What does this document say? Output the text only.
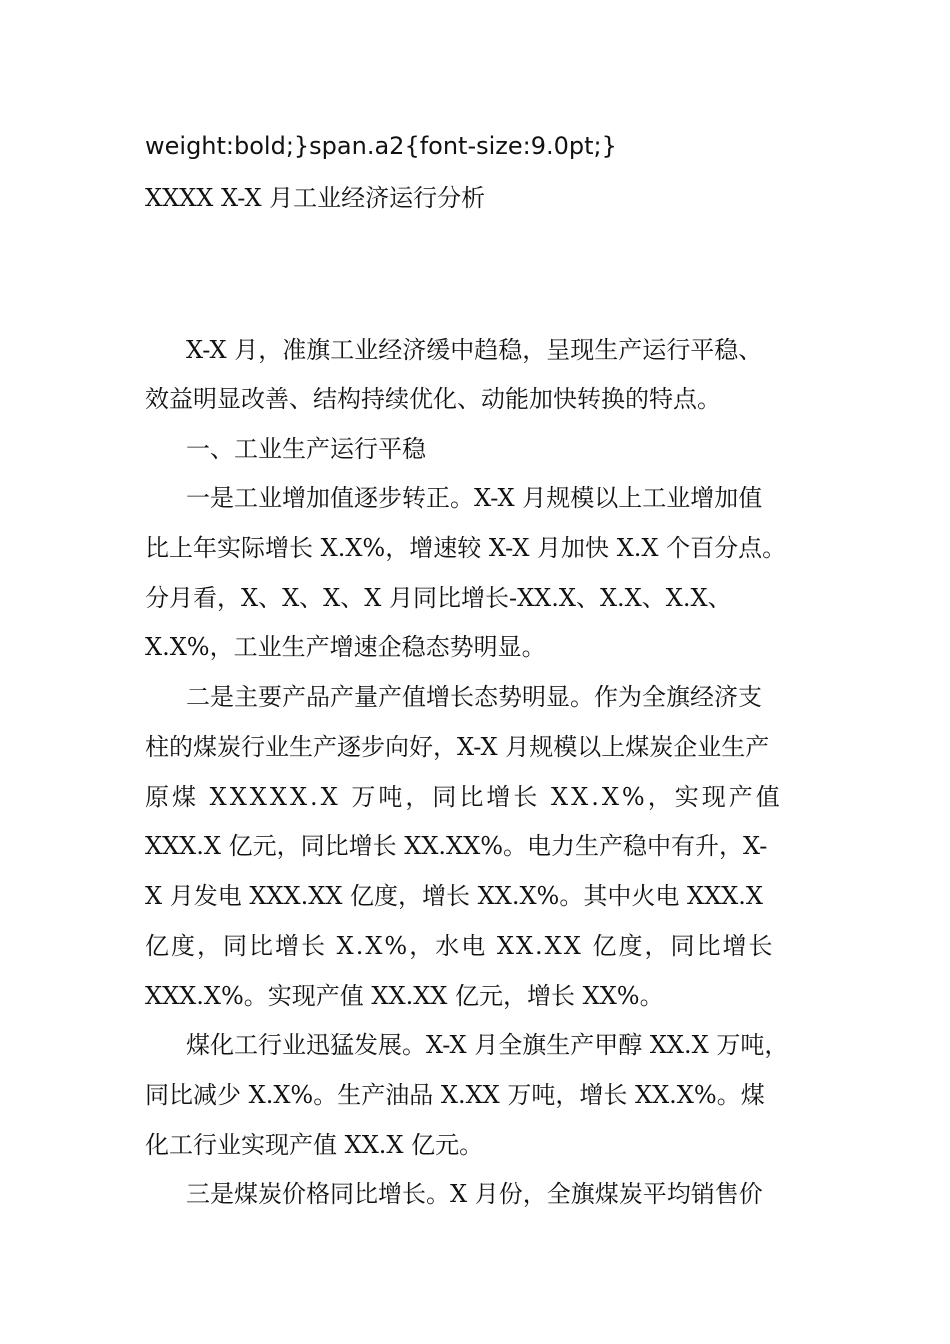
weight:bold;}span.a2{font-size:9.0pt;}
XXXX X-X 月工业经济运行分析
X-X 月，准旗工业经济缓中趋稳，呈现生产运行平稳、
效益明显改善、结构持续优化、动能加快转换的特点。
一、工业生产运行平稳
一是工业增加值逐步转正。X-X 月规模以上工业增加值
比上年实际增长 X.X%，增速较 X-X 月加快 X.X 个百分点。
分月看，X、X、X、X 月同比增长-XX.X、X.X、X.X、
X.X%，工业生产增速企稳态势明显。
二是主要产品产量产值增长态势明显。作为全旗经济支
柱的煤炭行业生产逐步向好，X-X 月规模以上煤炭企业生产
原煤 XXXXX.X 万吨，同比增长 XX.X%，实现产值
XXX.X 亿元，同比增长 XX.XX%。电力生产稳中有升，X-
X 月发电 XXX.XX 亿度，增长 XX.X%。其中火电 XXX.X
亿度，同比增长 X.X%，水电 XX.XX 亿度，同比增长
XXX.X%。实现产值 XX.XX 亿元，增长 XX%。
煤化工行业迅猛发展。X-X 月全旗生产甲醇 XX.X 万吨，
同比减少 X.X%。生产油品 X.XX 万吨，增长 XX.X%。煤
化工行业实现产值 XX.X 亿元。
三是煤炭价格同比增长。X 月份，全旗煤炭平均销售价
